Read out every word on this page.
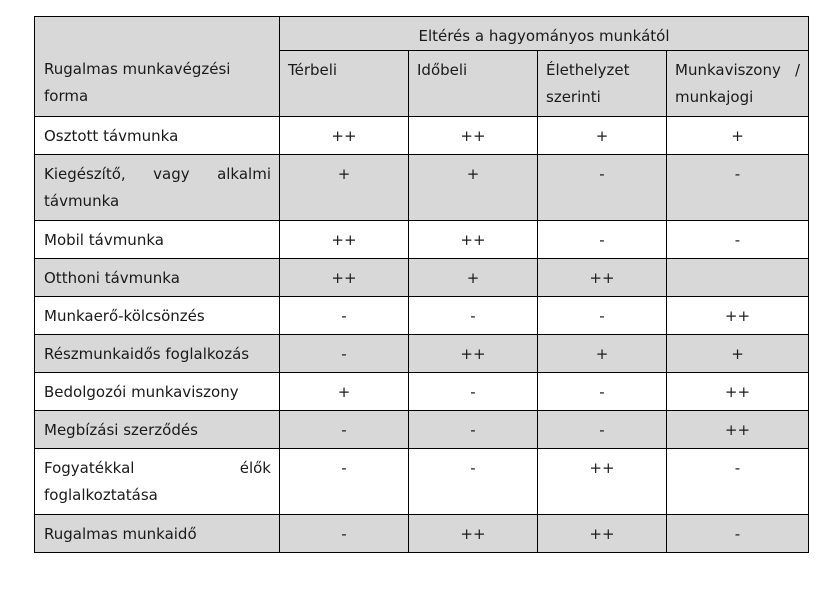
Rugalmas munkavégzési forma	Eltérés a hagyományos munkától			
	Térbeli	Időbeli	Élethelyzet szerinti	Munkaviszony / munkajogi
Osztott távmunka	++	++	+	+
Kiegészítő, vagy alkalmi távmunka	+	+	-	-
Mobil távmunka	++	++	-	-
Otthoni távmunka	++	+	++	
Munkaerő-kölcsönzés	-	-	-	++
Részmunkaidős foglalkozás	-	++	+	+
Bedolgozói munkaviszony	+	-	-	++
Megbízási szerződés	-	-	-	++
Fogyatékkal élők foglalkoztatása	-	-	++	-
Rugalmas munkaidő	-	++	++	-
